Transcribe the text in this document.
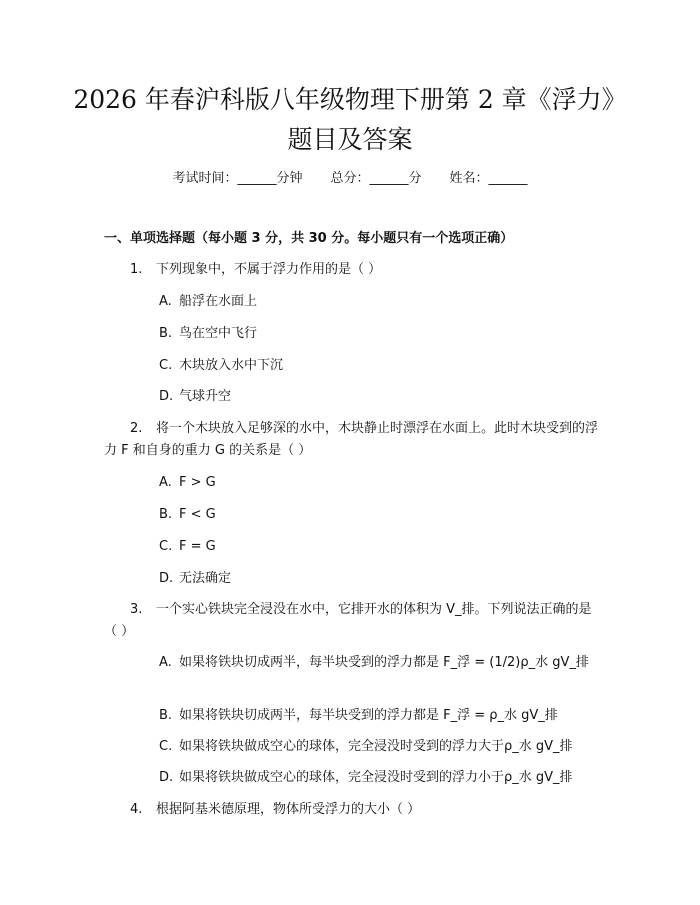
2026 年春沪科版八年级物理下册第 2 章《浮力》题目及答案
考试时间：______分钟 总分：______分 姓名：______
一、单项选择题（每小题 3 分，共 30 分。每小题只有一个选项正确）
1. 下列现象中，不属于浮力作用的是（ ）
A. 船浮在水面上
B. 鸟在空中飞行
C. 木块放入水中下沉
D. 气球升空
2. 将一个木块放入足够深的水中，木块静止时漂浮在水面上。此时木块受到的浮力 F 和自身的重力 G 的关系是（ ）
A. F > G
B. F < G
C. F = G
D. 无法确定
3. 一个实心铁块完全浸没在水中，它排开水的体积为 V_排。下列说法正确的是（ ）
A. 如果将铁块切成两半，每半块受到的浮力都是 F_浮 = (1/2)ρ_水 gV_排
B. 如果将铁块切成两半，每半块受到的浮力都是 F_浮 = ρ_水 gV_排
C. 如果将铁块做成空心的球体，完全浸没时受到的浮力大于ρ_水 gV_排
D. 如果将铁块做成空心的球体，完全浸没时受到的浮力小于ρ_水 gV_排
4. 根据阿基米德原理，物体所受浮力的大小（ ）
